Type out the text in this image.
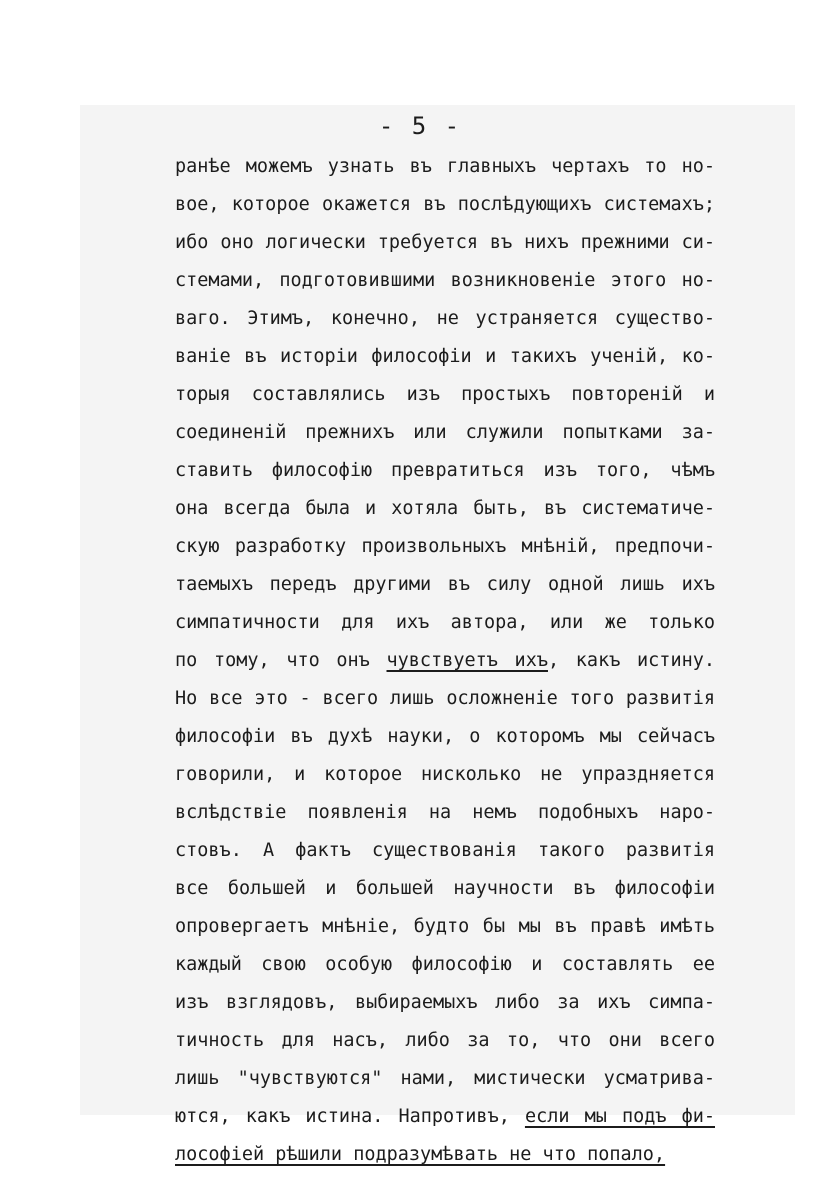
- 5 -
ранѣе можемъ узнать въ главныхъ чертахъ то но-
вое, которое окажется въ послѣдующихъ системахъ;
ибо оно логически требуется въ нихъ прежними си-
стемами, подготовившими возникновеніе этого но-
ваго. Этимъ, конечно, не устраняется существо-
ваніе въ исторіи философіи и такихъ ученій, ко-
торыя составлялись изъ простыхъ повтореній и
соединеній прежнихъ или служили попытками за-
ставить философію превратиться изъ того, чѣмъ
она всегда была и хотяла быть, въ систематиче-
скую разработку произвольныхъ мнѣній, предпочи-
таемыхъ передъ другими въ силу одной лишь ихъ
симпатичности для ихъ автора, или же только
по тому, что онъ чувствуетъ ихъ, какъ истину.
Но все это - всего лишь осложненіе того развитія
философіи въ духѣ науки, о которомъ мы сейчасъ
говорили, и которое нисколько не упраздняется
вслѣдствіе появленія на немъ подобныхъ наро-
стовъ. А фактъ существованія такого развитія
все большей и большей научности въ философіи
опровергаетъ мнѣніе, будто бы мы въ правѣ имѣть
каждый свою особую философію и составлять ее
изъ взглядовъ, выбираемыхъ либо за ихъ симпа-
тичность для насъ, либо за то, что они всего
лишь "чувствуются" нами, мистически усматрива-
ются, какъ истина. Напротивъ, если мы подъ фи-
лософіей рѣшили подразумѣвать не что попало,
